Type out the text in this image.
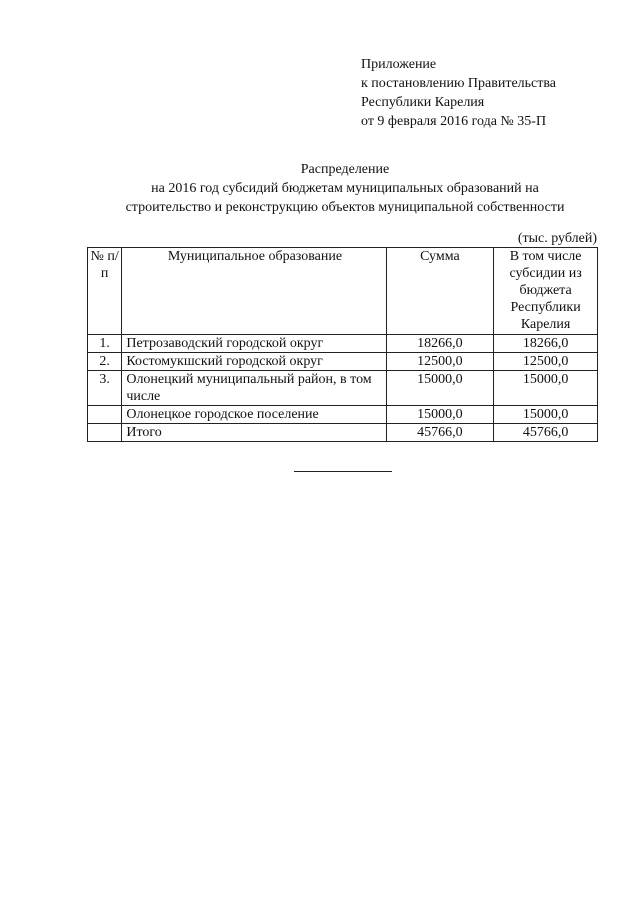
Приложение
к постановлению Правительства
Республики Карелия
от 9 февраля 2016 года № 35-П
Распределение
на 2016 год субсидий бюджетам муниципальных образований на
строительство и реконструкцию объектов муниципальной собственности
(тыс. рублей)
№ п/п	Муниципальное образование	Сумма	В том числе субсидии из бюджета Республики Карелия
1.	Петрозаводский городской округ	18266,0	18266,0
2.	Костомукшский городской округ	12500,0	12500,0
3.	Олонецкий муниципальный район, в том числе	15000,0	15000,0
	Олонецкое городское поселение	15000,0	15000,0
	Итого	45766,0	45766,0
